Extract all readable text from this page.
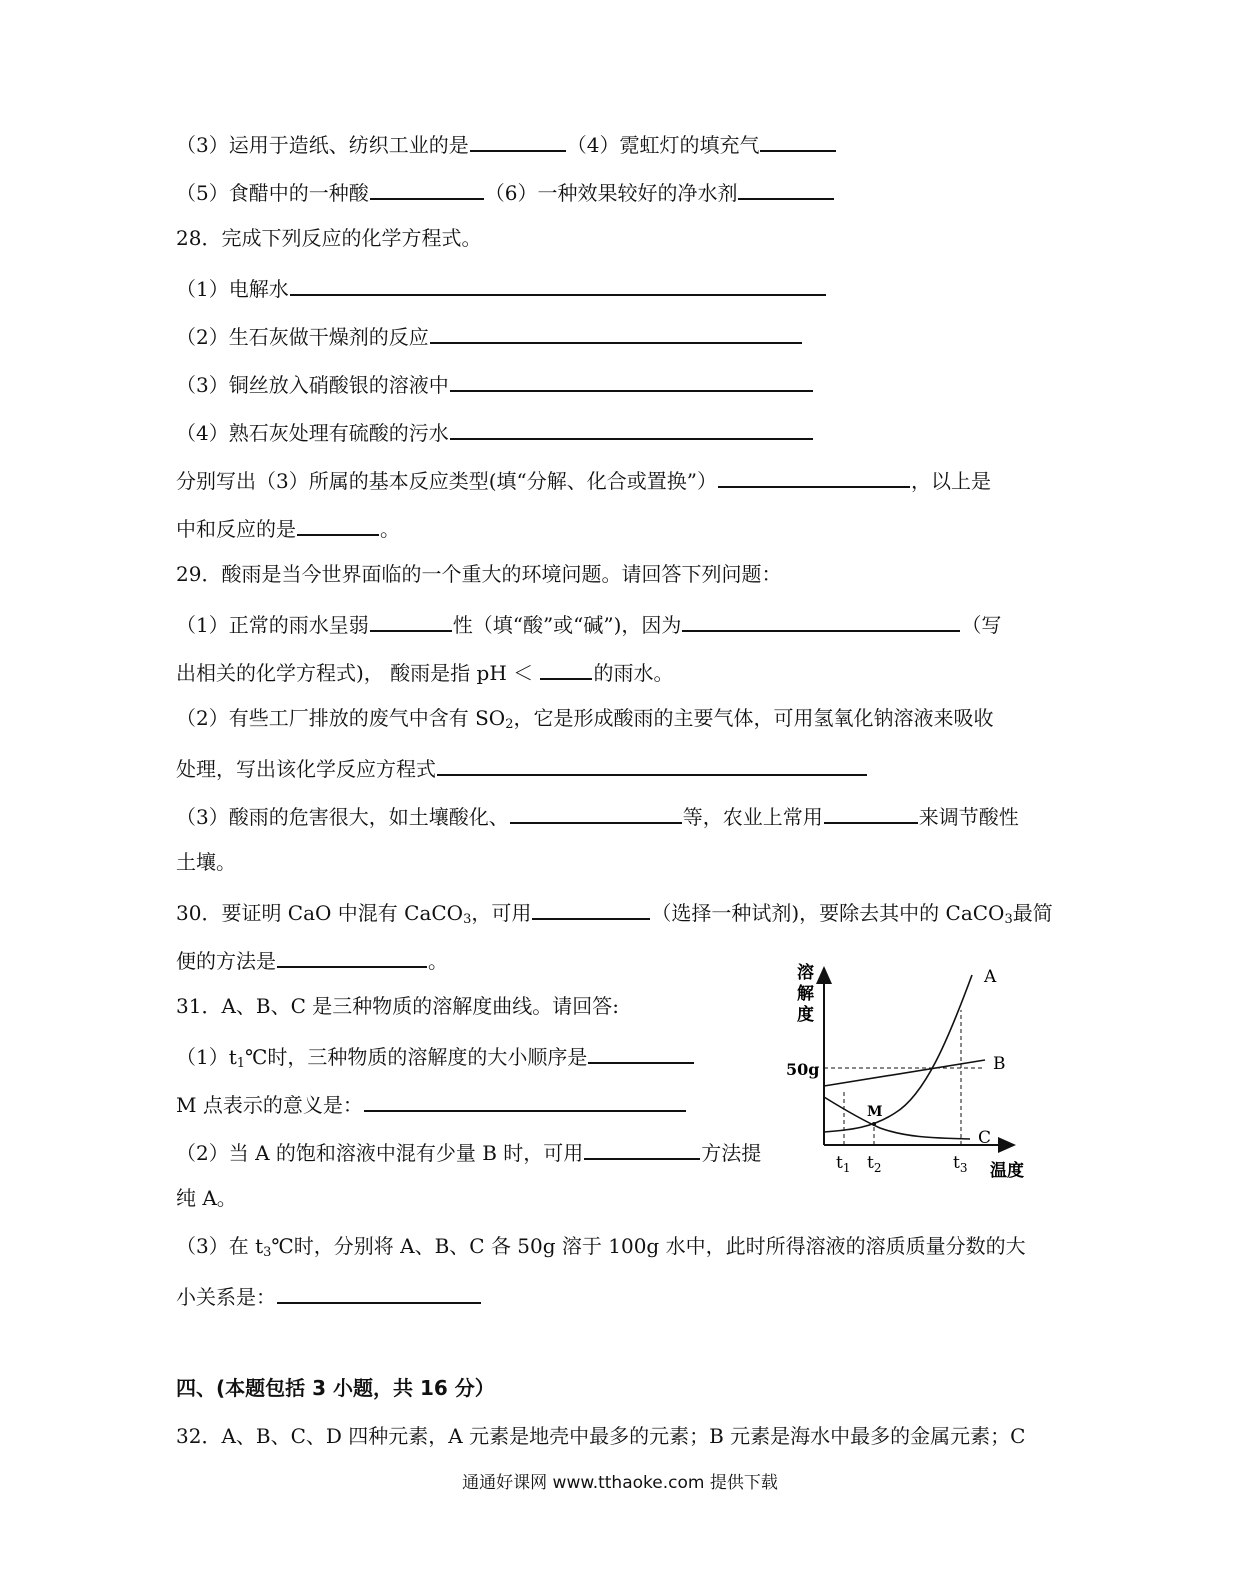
（3）运用于造纸、纺织工业的是	（4）霓虹灯的填充气
（5）食醋中的一种酸	（6）一种效果较好的净水剂
28．完成下列反应的化学方程式。
（1）电解水
（2）生石灰做干燥剂的反应
（3）铜丝放入硝酸银的溶液中
（4）熟石灰处理有硫酸的污水
分别写出（3）所属的基本反应类型(填“分解、化合或置换”）	，以上是
中和反应的是	。
29．酸雨是当今世界面临的一个重大的环境问题。请回答下列问题：
（1）正常的雨水呈弱	性（填“酸”或“碱”)，因为	（写
出相关的化学方程式)， 酸雨是指 pH ＜	的雨水。
（2）有些工厂排放的废气中含有 $SO_2$，它是形成酸雨的主要气体，可用氢氧化钠溶液来吸收
处理，写出该化学反应方程式
（3）酸雨的危害很大，如土壤酸化、	等，农业上常用	来调节酸性
土壤。
30．要证明 CaO 中混有 CaCO$_3$，可用	（选择一种试剂)，要除去其中的 CaCO$_3$最简
便的方法是	。
31．A、B、C 是三种物质的溶解度曲线。请回答:
$(1)t_1℃$时，三种物质的溶解度的大小顺序是
M 点表示的意义是：
（2）当 A 的饱和溶液中混有少量 B 时，可用	方法提
纯 A。
（3）在 $t_3℃$时，分别将 A、B、C 各 50g 溶于 100g 水中，此时所得溶液的溶质质量分数的大
小关系是：
溶
解
度
50g
A
B
C
M
$t_1$ $t_2$	$t_3$ 温度
四、(本题包括 3 小题，共 16 分）
32．A、B、C、D 四种元素，A 元素是地壳中最多的元素；B 元素是海水中最多的金属元素；C
通通好课网 www.tthaoke.com 提供下载
